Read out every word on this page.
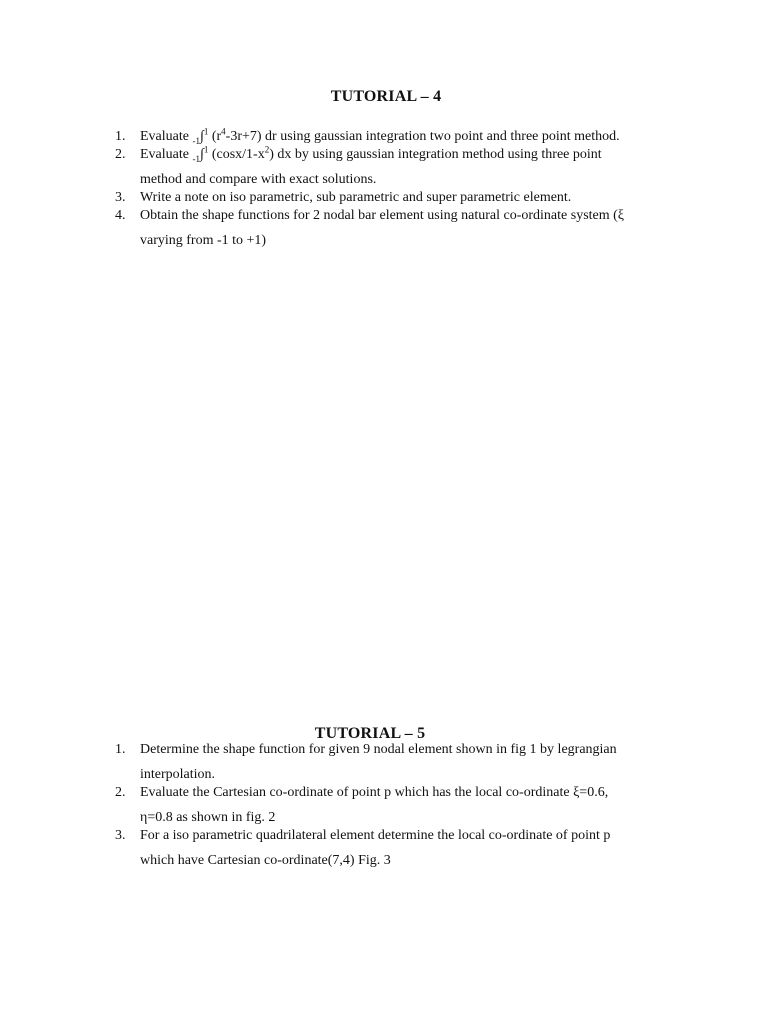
TUTORIAL – 4
1. Evaluate $_{-1}$∫$^1$ $(r^4-3r+7)$ dr using gaussian integration two point and three point method.
2. Evaluate $_{-1}$∫$^1$ $(\cos x/1-x^2)$ dx by using gaussian integration method using three point
method and compare with exact solutions.
3. Write a note on iso parametric, sub parametric and super parametric element.
4. Obtain the shape functions for 2 nodal bar element using natural co-ordinate system (ξ
varying from -1 to +1)
TUTORIAL – 5
1. Determine the shape function for given 9 nodal element shown in fig 1 by legrangian
interpolation.
2. Evaluate the Cartesian co-ordinate of point p which has the local co-ordinate ξ=0.6,
η=0.8 as shown in fig. 2
3. For a iso parametric quadrilateral element determine the local co-ordinate of point p
which have Cartesian co-ordinate(7,4) Fig. 3
